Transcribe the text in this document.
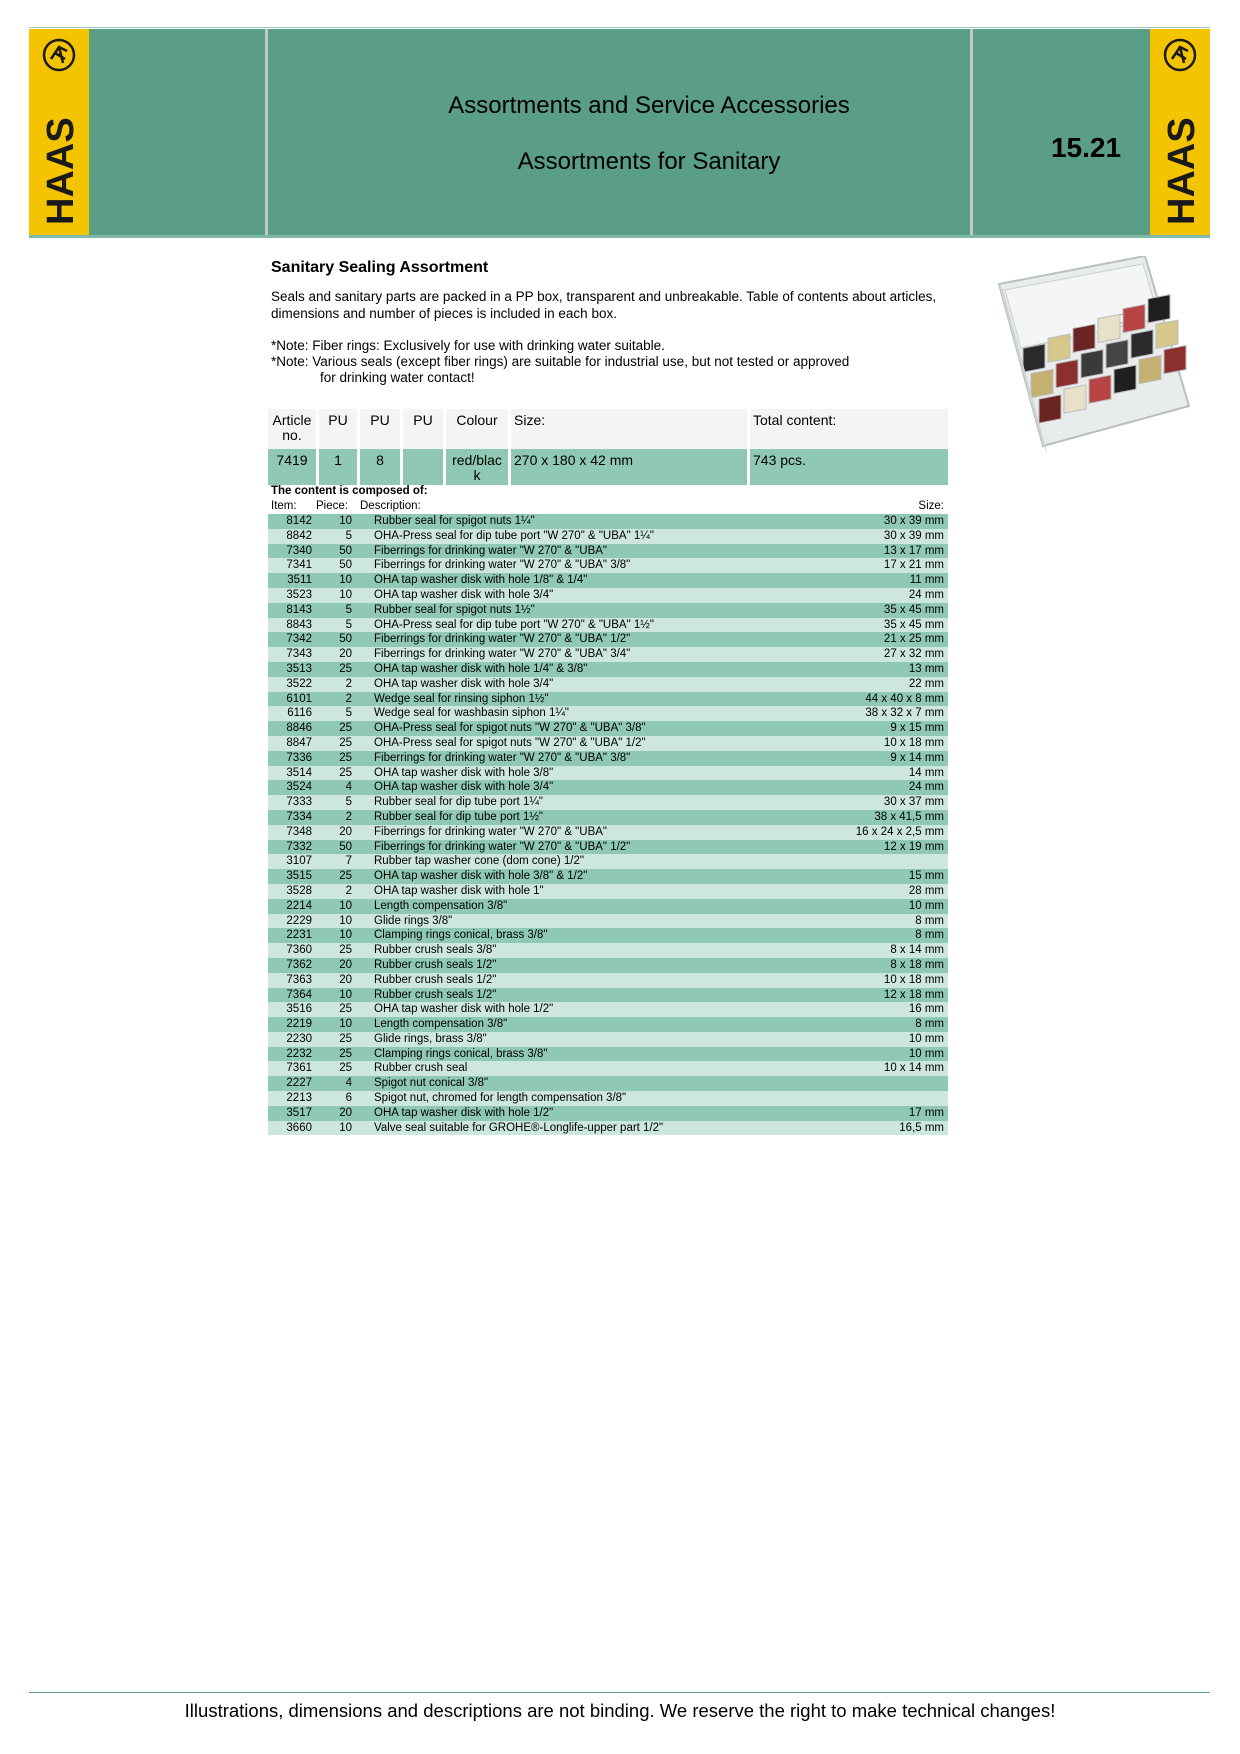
HAAS	HAAS
Assortments and Service Accessories
Assortments for Sanitary	15.21
Sanitary Sealing Assortment
Seals and sanitary parts are packed in a PP box, transparent and unbreakable. Table of contents about articles, dimensions and number of pieces is included in each box.
*Note: Fiber rings: Exclusively for use with drinking water suitable.
*Note: Various seals (except fiber rings) are suitable for industrial use, but not tested or approved
for drinking water contact!
Article no.	PU	PU	PU	Colour	Size:	Total content:
7419	1	8		red/black	270 x 180 x 42 mm	743 pcs.
The content is composed of:
Item: Piece: Description:	Size:
8142	10	Rubber seal for spigot nuts 1¼"	30 x 39 mm
8842	5	OHA-Press seal for dip tube port "W 270" & "UBA" 1¼"	30 x 39 mm
7340	50	Fiberrings for drinking water "W 270" & "UBA"	13 x 17 mm
7341	50	Fiberrings for drinking water "W 270" & "UBA" 3/8"	17 x 21 mm
3511	10	OHA tap washer disk with hole 1/8" & 1/4"	11 mm
3523	10	OHA tap washer disk with hole 3/4"	24 mm
8143	5	Rubber seal for spigot nuts 1½"	35 x 45 mm
8843	5	OHA-Press seal for dip tube port "W 270" & "UBA" 1½"	35 x 45 mm
7342	50	Fiberrings for drinking water "W 270" & "UBA" 1/2"	21 x 25 mm
7343	20	Fiberrings for drinking water "W 270" & "UBA" 3/4"	27 x 32 mm
3513	25	OHA tap washer disk with hole 1/4" & 3/8"	13 mm
3522	2	OHA tap washer disk with hole 3/4"	22 mm
6101	2	Wedge seal for rinsing siphon 1½"	44 x 40 x 8 mm
6116	5	Wedge seal for washbasin siphon 1¼"	38 x 32 x 7 mm
8846	25	OHA-Press seal for spigot nuts "W 270" & "UBA" 3/8"	9 x 15 mm
8847	25	OHA-Press seal for spigot nuts "W 270" & "UBA" 1/2"	10 x 18 mm
7336	25	Fiberrings for drinking water "W 270" & "UBA" 3/8"	9 x 14 mm
3514	25	OHA tap washer disk with hole 3/8"	14 mm
3524	4	OHA tap washer disk with hole 3/4"	24 mm
7333	5	Rubber seal for dip tube port 1¼"	30 x 37 mm
7334	2	Rubber seal for dip tube port 1½"	38 x 41,5 mm
7348	20	Fiberrings for drinking water "W 270" & "UBA"	16 x 24 x 2,5 mm
7332	50	Fiberrings for drinking water "W 270" & "UBA" 1/2"	12 x 19 mm
3107	7	Rubber tap washer cone (dom cone) 1/2"	
3515	25	OHA tap washer disk with hole 3/8" & 1/2"	15 mm
3528	2	OHA tap washer disk with hole 1"	28 mm
2214	10	Length compensation 3/8"	10 mm
2229	10	Glide rings 3/8"	8 mm
2231	10	Clamping rings conical, brass 3/8"	8 mm
7360	25	Rubber crush seals 3/8"	8 x 14 mm
7362	20	Rubber crush seals 1/2"	8 x 18 mm
7363	20	Rubber crush seals 1/2"	10 x 18 mm
7364	10	Rubber crush seals 1/2"	12 x 18 mm
3516	25	OHA tap washer disk with hole 1/2"	16 mm
2219	10	Length compensation 3/8"	8 mm
2230	25	Glide rings, brass 3/8"	10 mm
2232	25	Clamping rings conical, brass 3/8"	10 mm
7361	25	Rubber crush seal	10 x 14 mm
2227	4	Spigot nut conical 3/8"	
2213	6	Spigot nut, chromed for length compensation 3/8"	
3517	20	OHA tap washer disk with hole 1/2"	17 mm
3660	10	Valve seal suitable for GROHE®-Longlife-upper part 1/2"	16,5 mm
Illustrations, dimensions and descriptions are not binding. We reserve the right to make technical changes!
